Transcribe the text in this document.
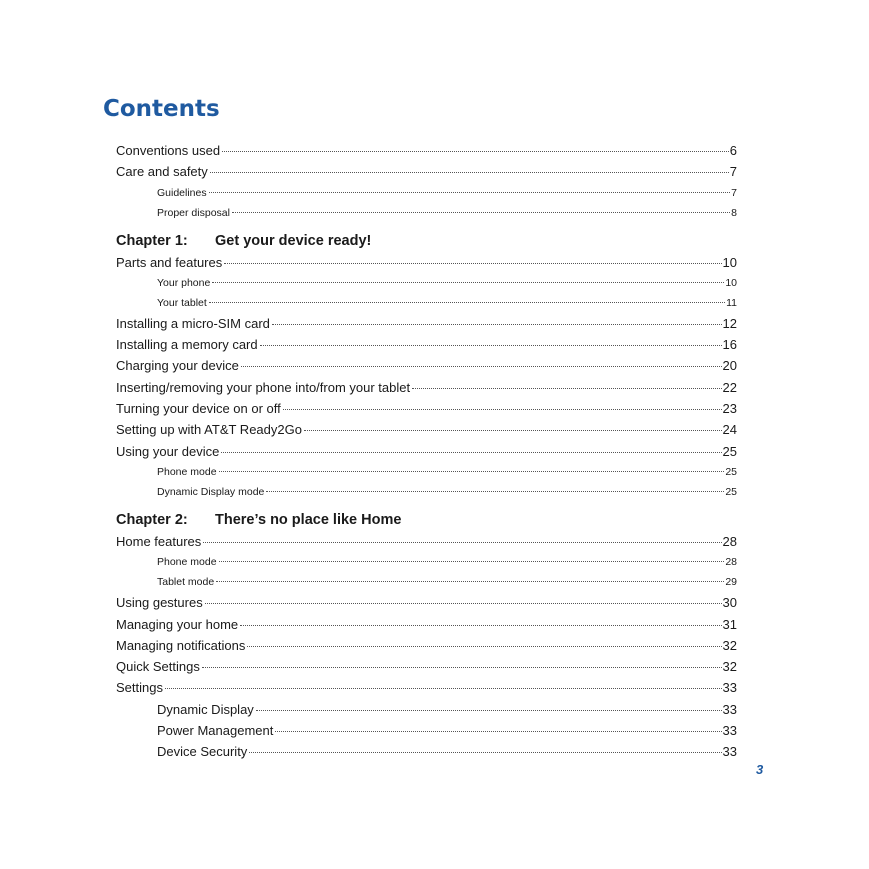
Contents
Conventions used	6
Care and safety	7
Guidelines	7
Proper disposal	8
Chapter 1:	Get your device ready!
Parts and features	10
Your phone	10
Your tablet	11
Installing a micro-SIM card	12
Installing a memory card	16
Charging your device	20
Inserting/removing your phone into/from your tablet	22
Turning your device on or off	23
Setting up with AT&T Ready2Go	24
Using your device	25
Phone mode	25
Dynamic Display mode	25
Chapter 2:	There’s no place like Home
Home features	28
Phone mode	28
Tablet mode	29
Using gestures	30
Managing your home	31
Managing notifications	32
Quick Settings	32
Settings	33
Dynamic Display	33
Power Management	33
Device Security	33
3
